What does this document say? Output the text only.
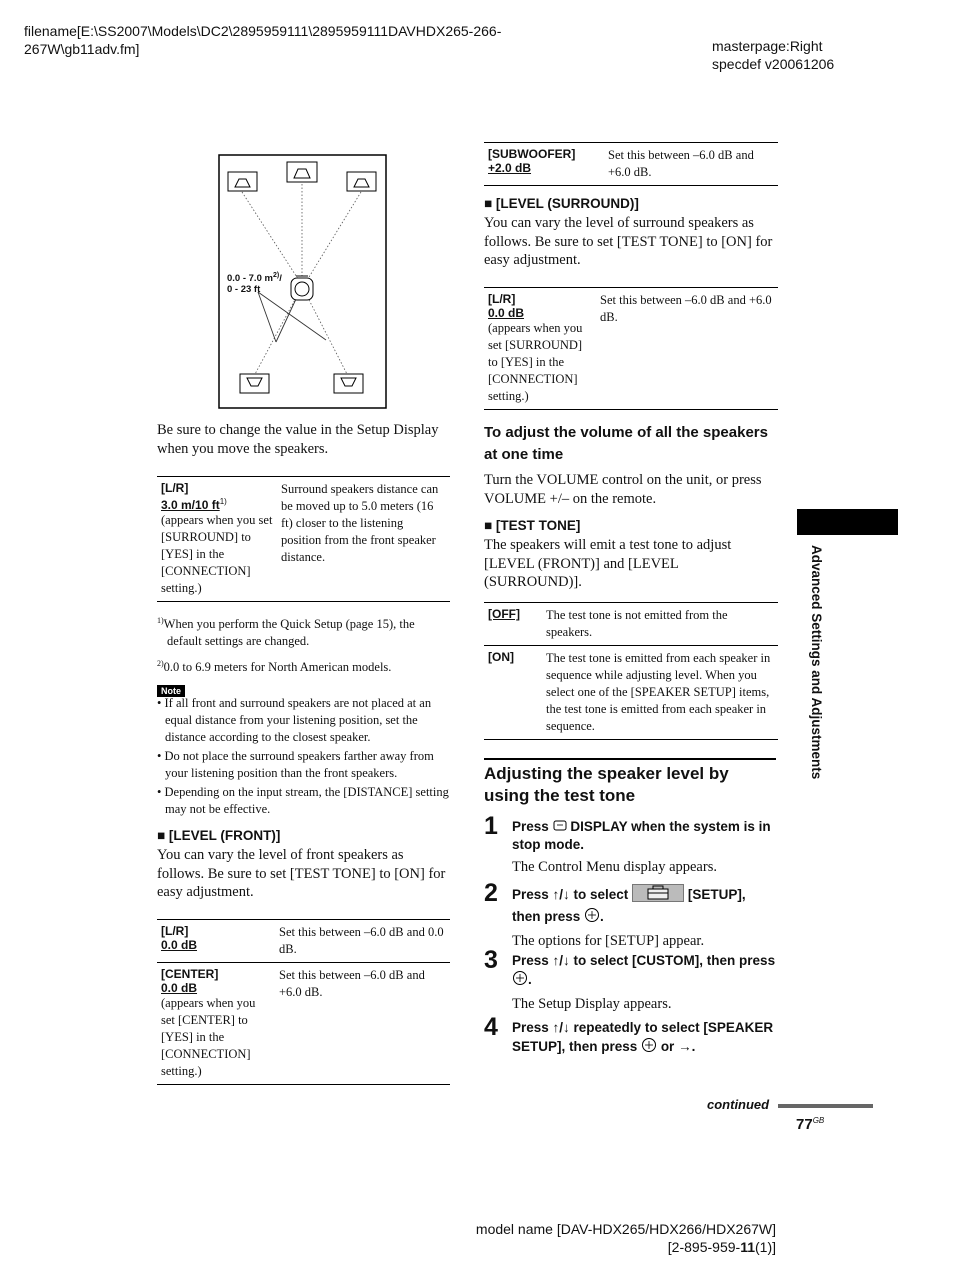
filename[E:\SS2007\Models\DC2\2895959111\2895959111DAVHDX265-266-
267W\gb11adv.fm]	masterpage:Right
specdef v20061206
0.0 - 7.0 $m^{2)}/$
0 - 23 ft
Be sure to change the value in the Setup Display when you move the speakers.
[L/R]
3.0 m/10 $ft^{1)}$
(appears when you set [SURROUND] to [YES] in the [CONNECTION] setting.)
	Surround speakers distance can be moved up to 5.0 meters (16 ft) closer to the listening position from the front speaker distance.
$^{1)}$When you perform the Quick Setup (page 15), the default settings are changed.
$^{2)}$0.0 to 6.9 meters for North American models.
Note
• If all front and surround speakers are not placed at an equal distance from your listening position, set the distance according to the closest speaker.
• Do not place the surround speakers farther away from your listening position than the front speakers.
• Depending on the input stream, the [DISTANCE] setting may not be effective.
■ [LEVEL (FRONT)]
You can vary the level of front speakers as follows. Be sure to set [TEST TONE] to [ON] for easy adjustment.
[L/R]
0.0 dB	Set this between –6.0 dB and 0.0 dB.

[CENTER]
0.0 dB
(appears when you set [CENTER] to [YES] in the [CONNECTION] setting.)	Set this between –6.0 dB and +6.0 dB.
[SUBWOOFER]
+2.0 dB
	Set this between –6.0 dB and +6.0 dB.
■ [LEVEL (SURROUND)]
You can vary the level of surround speakers as follows. Be sure to set [TEST TONE] to [ON] for easy adjustment.
[L/R]
0.0 dB
(appears when you set [SURROUND] to [YES] in the [CONNECTION] setting.)
	Set this between –6.0 dB and +6.0 dB.
To adjust the volume of all the speakers at one time
Turn the VOLUME control on the unit, or press VOLUME +/– on the remote.
■ [TEST TONE]
The speakers will emit a test tone to adjust [LEVEL (FRONT)] and [LEVEL (SURROUND)].
[OFF]	The test tone is not emitted from the speakers.

[ON]	The test tone is emitted from each speaker in sequence while adjusting level. When you select one of the [SPEAKER SETUP] items, the test tone is emitted from each speaker in sequence.
Adjusting the speaker level by using the test tone
1 Press DISPLAY when the system is in stop mode.
The Control Menu display appears.
2 Press ↑/↓ to select	[SETUP], then press .
The options for [SETUP] appear.
3 Press ↑/↓ to select [CUSTOM], then press .
The Setup Display appears.
4 Press ↑/↓ repeatedly to select [SPEAKER SETUP], then press or →.
continued
$77^{GB}$
Advanced Settings and Adjustments
model name [DAV-HDX265/HDX266/HDX267W]
[2-895-959-11(1)]
